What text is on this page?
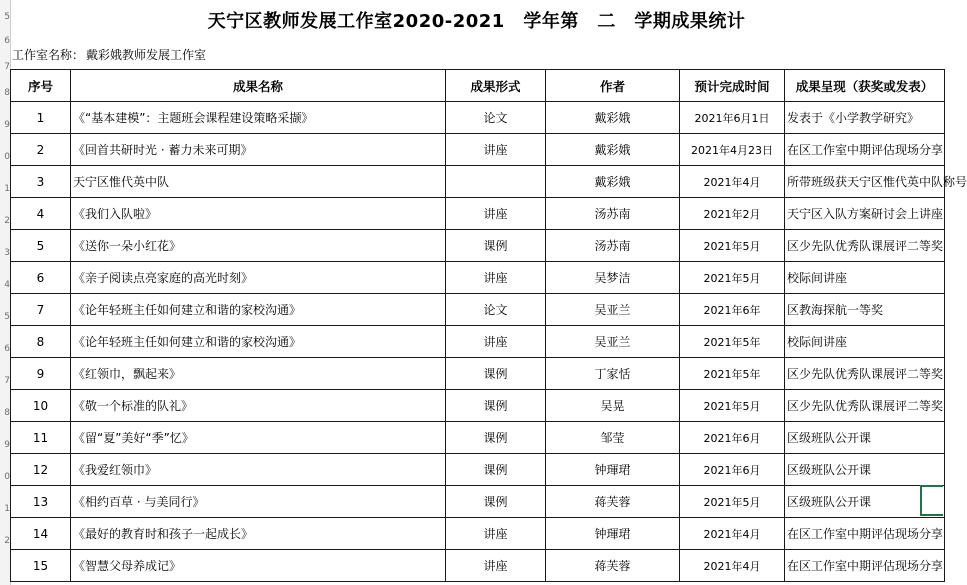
5
6
7
8
9
0
1
2
3
4
5
6
7
8
9
0
1
2
天宁区教师发展工作室2020-2021　学年第　二　学期成果统计
工作室名称： 戴彩娥教师发展工作室
序号	成果名称	成果形式	作者	预计完成时间	成果呈现（获奖或发表）
1	《“基本建模”：主题班会课程建设策略采撷》	论文	戴彩娥	2021年6月1日	发表于《小学教学研究》
2	《回首共研时光 · 蓄力未来可期》	讲座	戴彩娥	2021年4月23日	在区工作室中期评估现场分享
3	天宁区惟代英中队		戴彩娥	2021年4月	所带班级获天宁区惟代英中队称号
4	《我们入队啦》	讲座	汤苏南	2021年2月	天宁区入队方案研讨会上讲座
5	《送你一朵小红花》	课例	汤苏南	2021年5月	区少先队优秀队课展评二等奖
6	《亲子阅读点亮家庭的高光时刻》	讲座	吴梦洁	2021年5月	校际间讲座
7	《论年轻班主任如何建立和谐的家校沟通》	论文	吴亚兰	2021年6年	区教海探航一等奖
8	《论年轻班主任如何建立和谐的家校沟通》	讲座	吴亚兰	2021年5年	校际间讲座
9	《红领巾，飘起来》	课例	丁家恬	2021年5年	区少先队优秀队课展评二等奖
10	《敬一个标准的队礼》	课例	吴晃	2021年5月	区少先队优秀队课展评二等奖
11	《留“夏”美好“季”忆》	课例	邹莹	2021年6月	区级班队公开课
12	《我爱红领巾》	课例	钟琿珺	2021年6月	区级班队公开课
13	《相约百草 · 与美同行》	课例	蒋芙蓉	2021年5月	区级班队公开课
14	《最好的教育时和孩子一起成长》	讲座	钟琿珺	2021年4月	在区工作室中期评估现场分享
15	《智慧父母养成记》	讲座	蒋芙蓉	2021年4月	在区工作室中期评估现场分享
